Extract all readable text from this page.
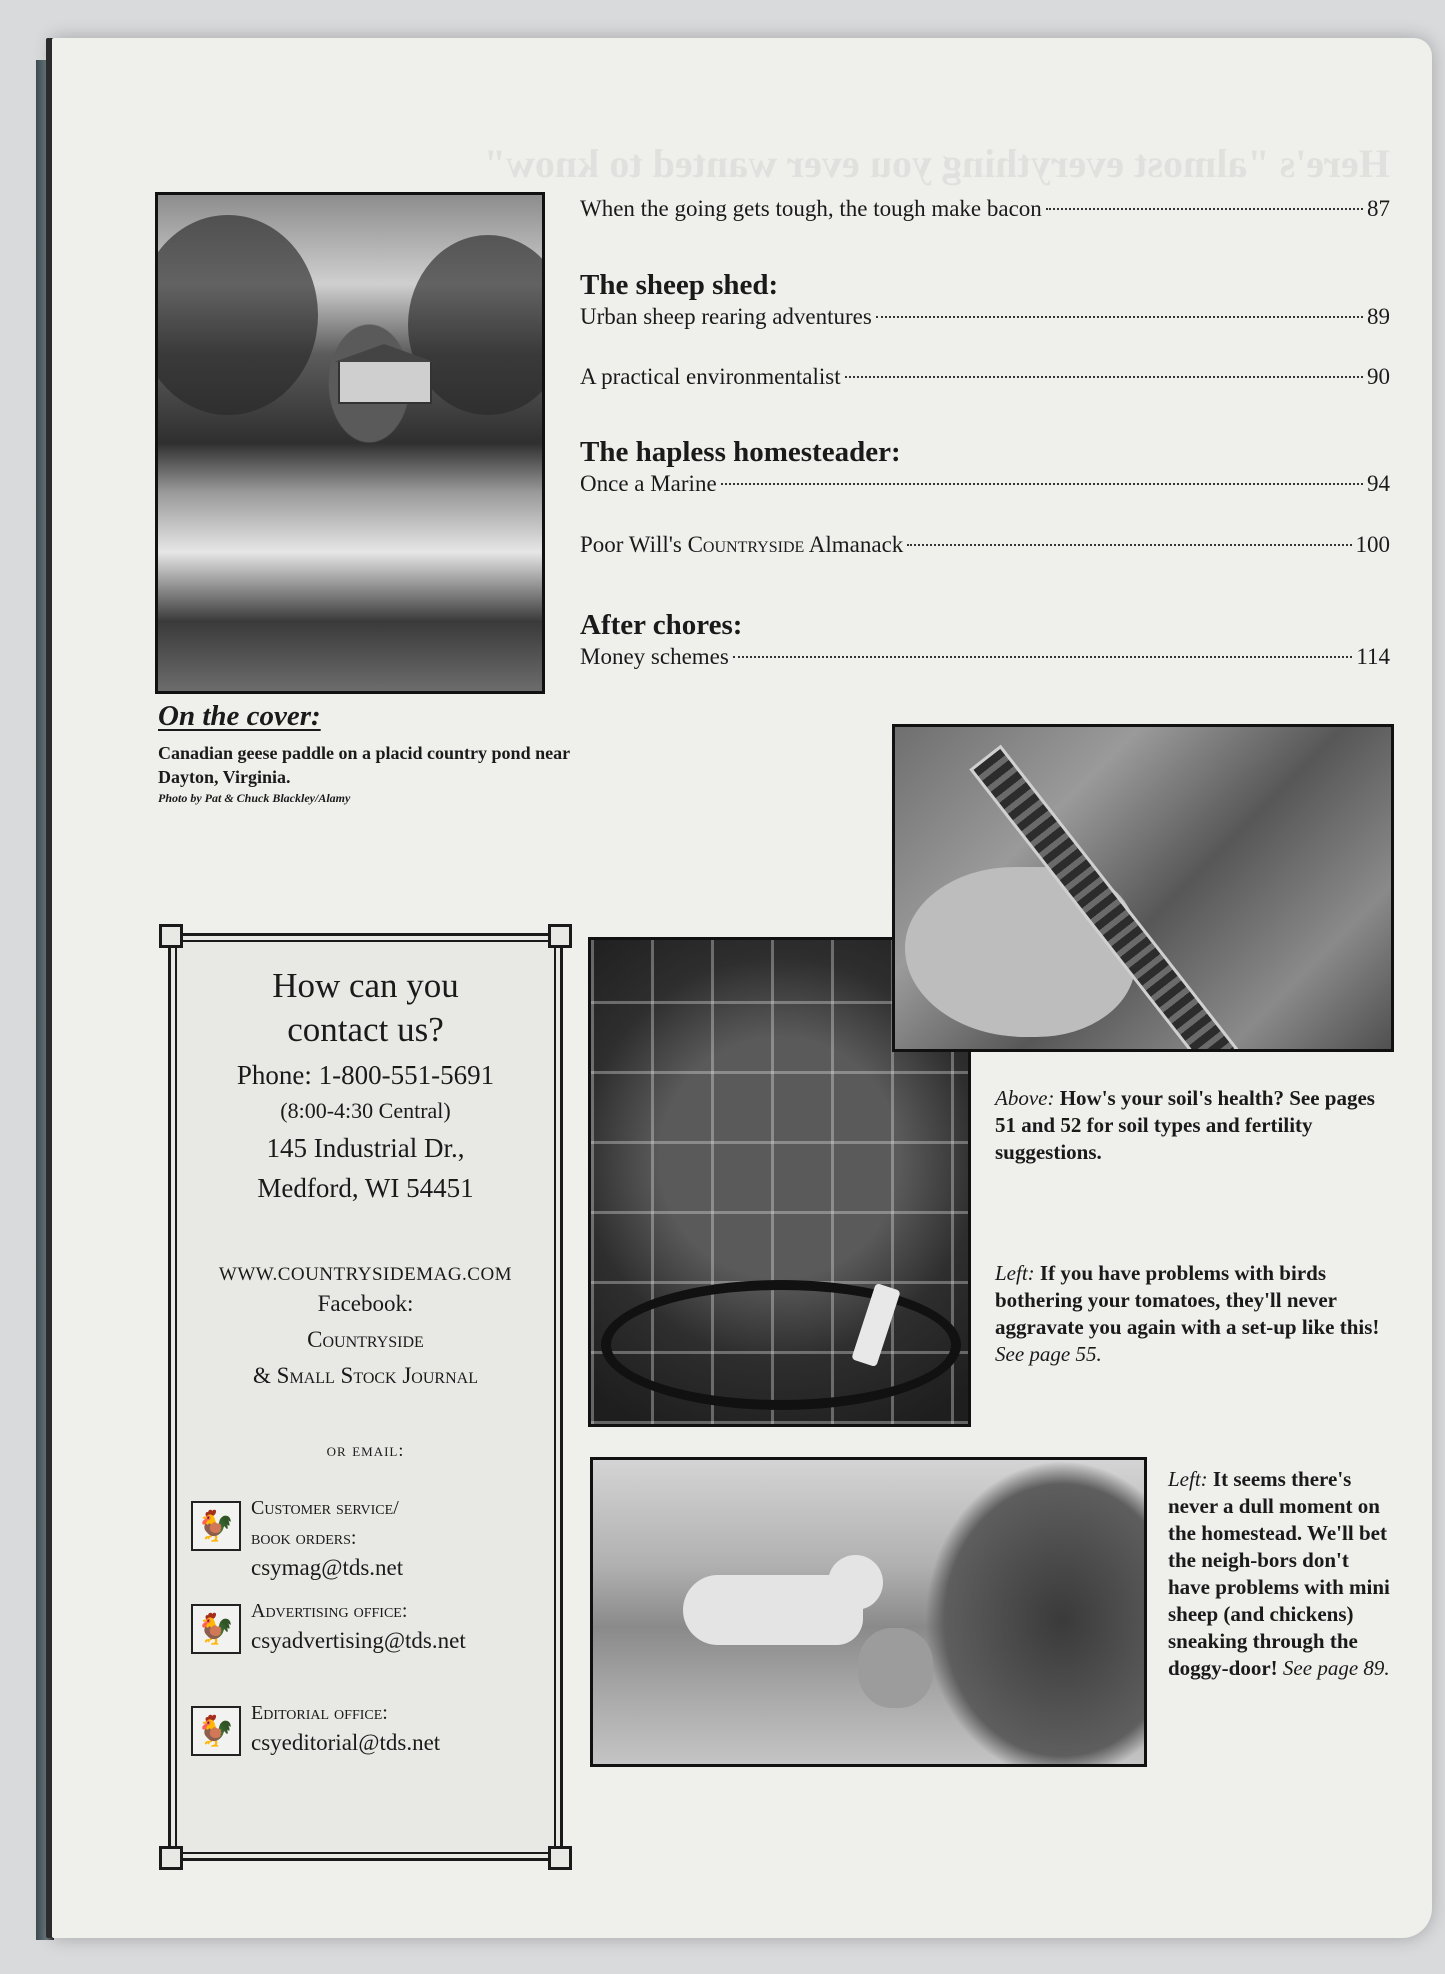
Here's "almost everything you ever wanted to know"
When the going gets tough, the tough make bacon	87
The sheep shed:
Urban sheep rearing adventures	89
A practical environmentalist	90
The hapless homesteader:
Once a Marine	94
Poor Will's Countryside Almanack	100
After chores:
Money schemes	114
On the cover:
Canadian geese paddle on a placid country pond near Dayton, Virginia.
Photo by Pat & Chuck Blackley/Alamy
How can you
contact us?
Phone: 1-800-551-5691
(8:00-4:30 Central)
145 Industrial Dr.,
Medford, WI 54451
WWW.COUNTRYSIDEMAG.COM
Facebook:
Countryside
& Small Stock Journal
or email:
🐓
Customer service/
book orders:
csymag@tds.net
🐓
Advertising office:
csyadvertising@tds.net
🐓
Editorial office:
csyeditorial@tds.net
Above: How's your soil's health? See pages 51 and 52 for soil types and fertility suggestions.
Left: If you have problems with birds bothering your tomatoes, they'll never aggravate you again with a set-up like this! See page 55.
Left: It seems there's never a dull moment on the homestead. We'll bet the neigh-bors don't have problems with mini sheep (and chickens) sneaking through the doggy-door! See page 89.
